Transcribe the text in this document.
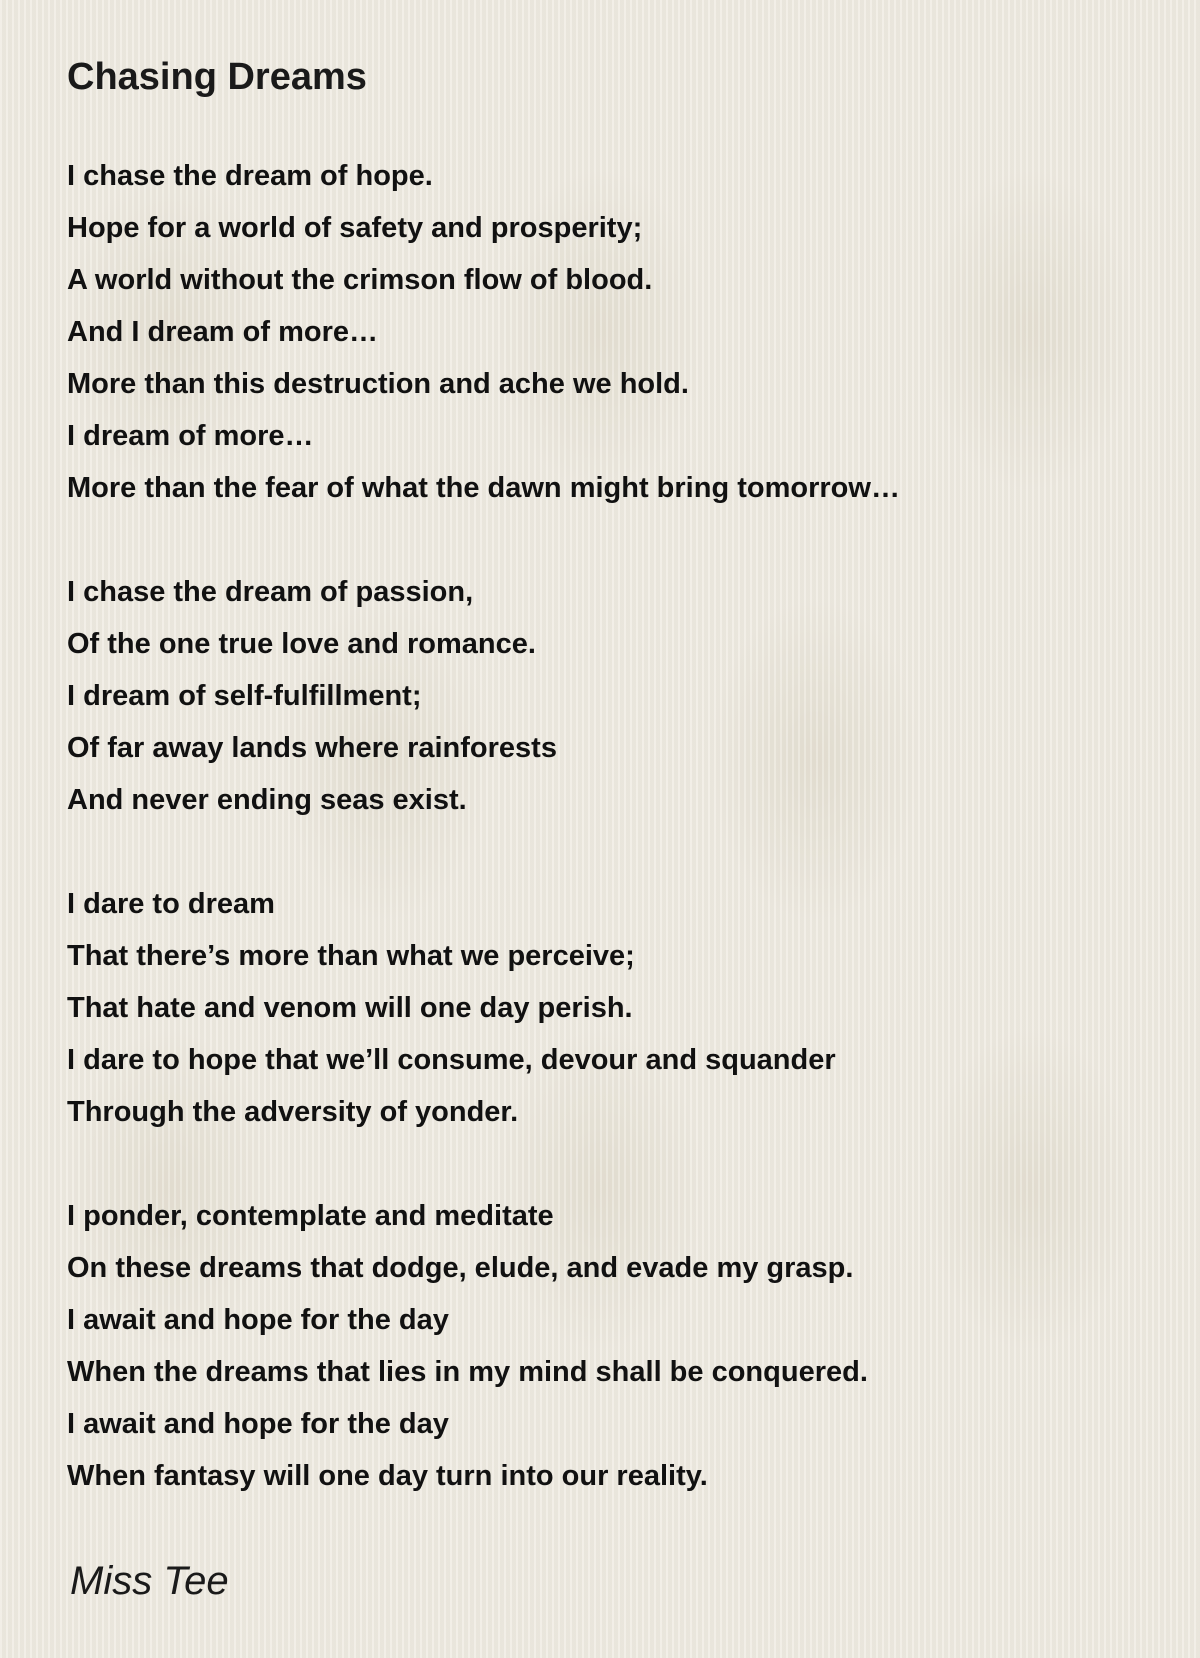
Chasing Dreams
I chase the dream of hope.
Hope for a world of safety and prosperity;
A world without the crimson flow of blood.
And I dream of more…
More than this destruction and ache we hold.
I dream of more…
More than the fear of what the dawn might bring tomorrow…
I chase the dream of passion,
Of the one true love and romance.
I dream of self-fulfillment;
Of far away lands where rainforests
And never ending seas exist.
I dare to dream
That there’s more than what we perceive;
That hate and venom will one day perish.
I dare to hope that we’ll consume, devour and squander
Through the adversity of yonder.
I ponder, contemplate and meditate
On these dreams that dodge, elude, and evade my grasp.
I await and hope for the day
When the dreams that lies in my mind shall be conquered.
I await and hope for the day
When fantasy will one day turn into our reality.
Miss Tee
